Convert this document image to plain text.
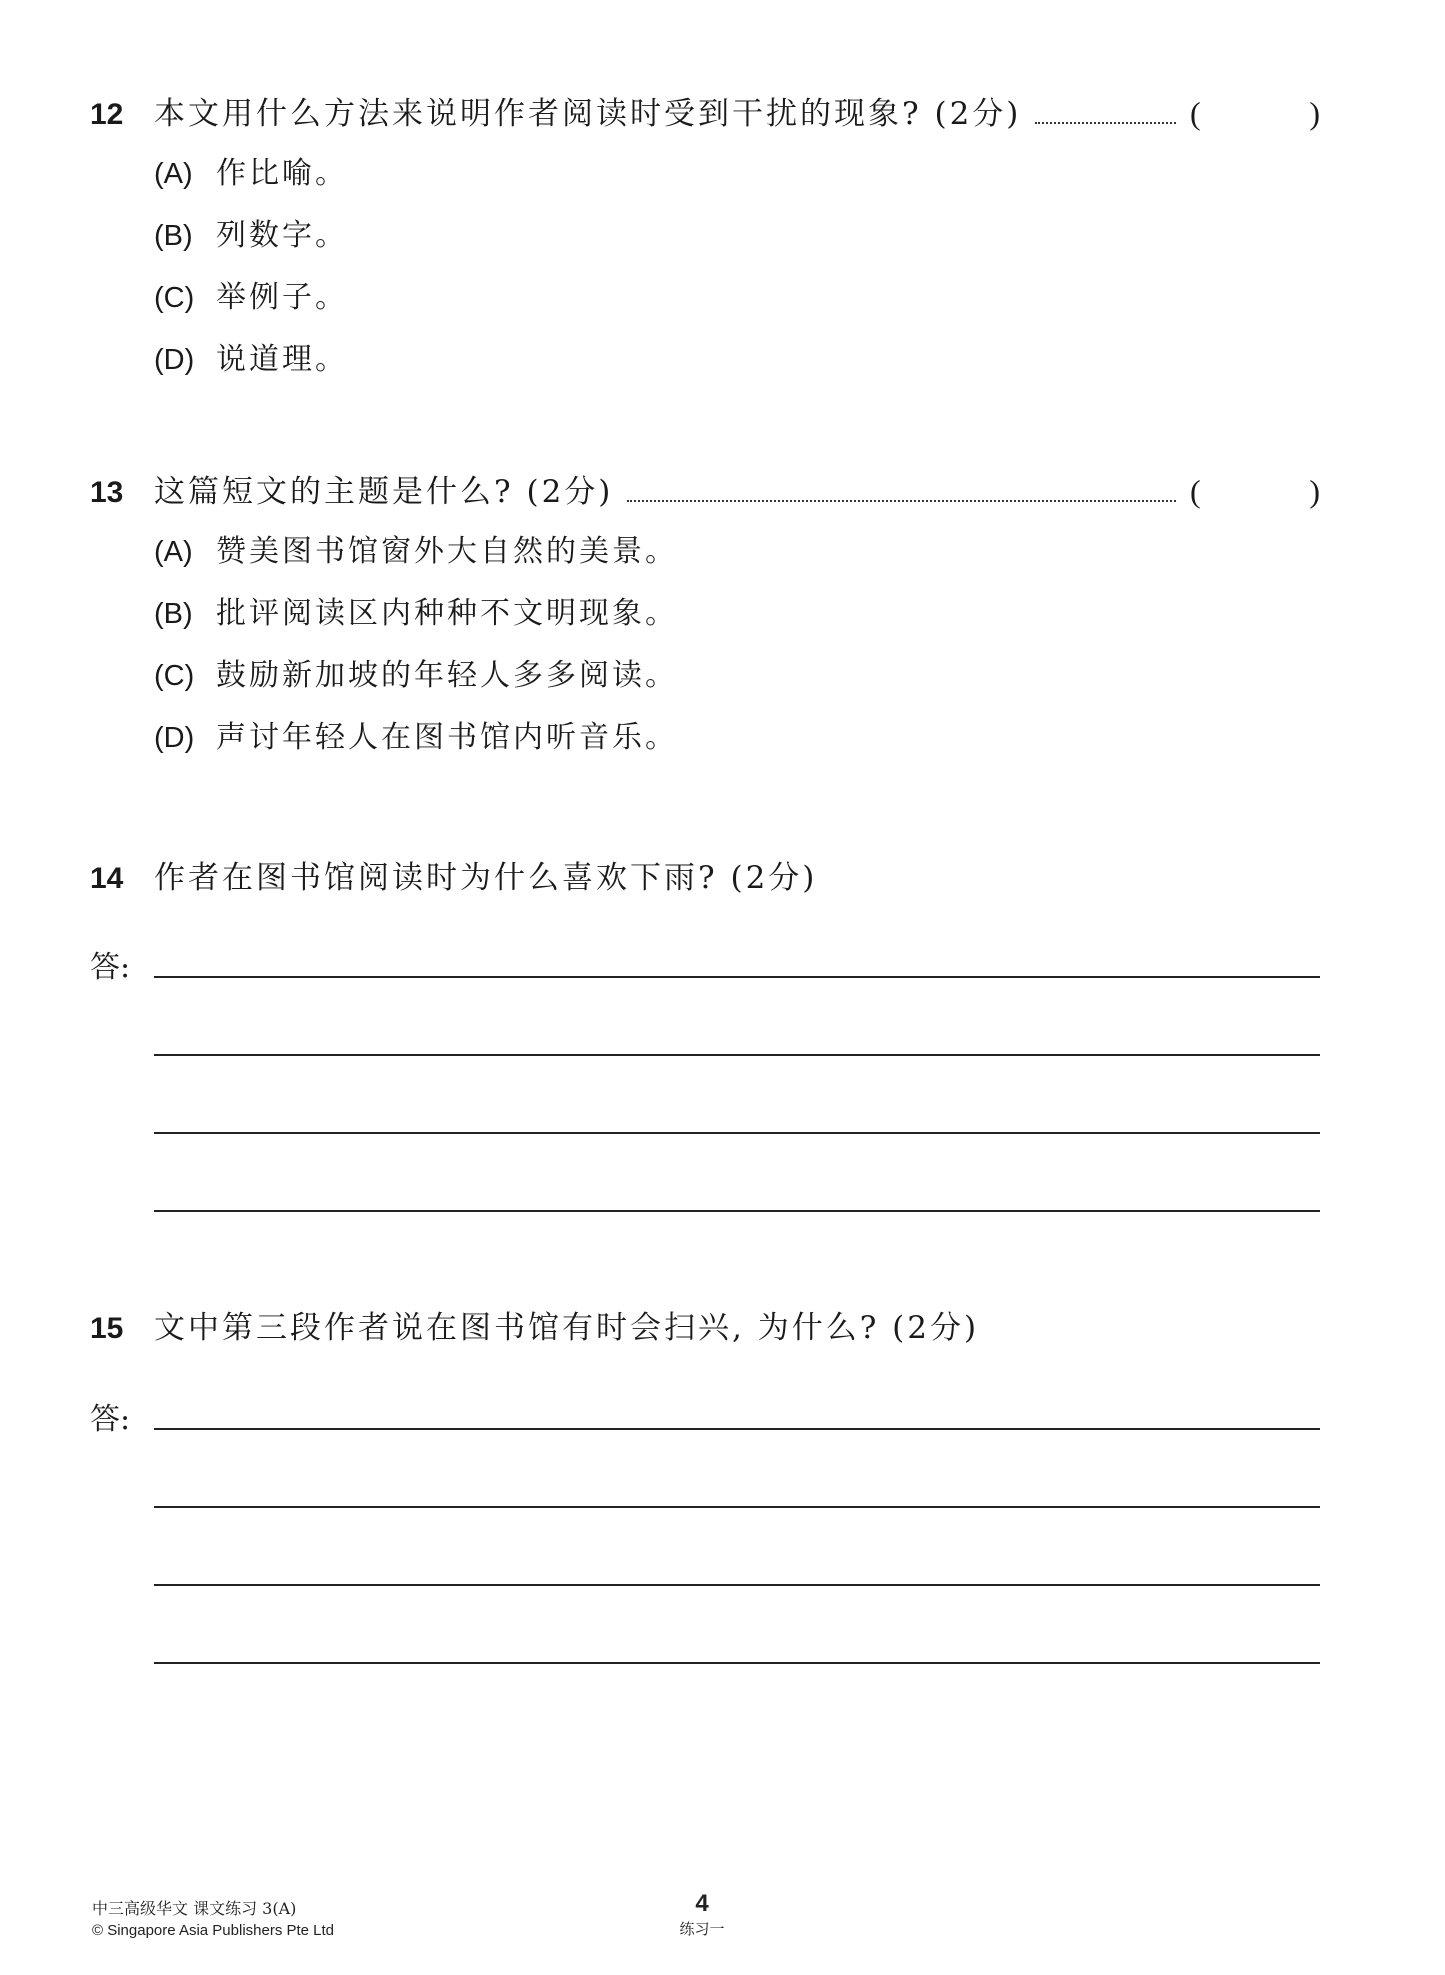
12 本文用什么方法来说明作者阅读时受到干扰的现象? (2分)	(	)
(A) 作比喻。
(B) 列数字。
(C) 举例子。
(D) 说道理。
13 这篇短文的主题是什么? (2分)	(	)
(A) 赞美图书馆窗外大自然的美景。
(B) 批评阅读区内种种不文明现象。
(C) 鼓励新加坡的年轻人多多阅读。
(D) 声讨年轻人在图书馆内听音乐。
14 作者在图书馆阅读时为什么喜欢下雨? (2分)
答:
15 文中第三段作者说在图书馆有时会扫兴, 为什么? (2分)
答:
中三高级华文 课文练习 3(A)
© Singapore Asia Publishers Pte Ltd
4
练习一
